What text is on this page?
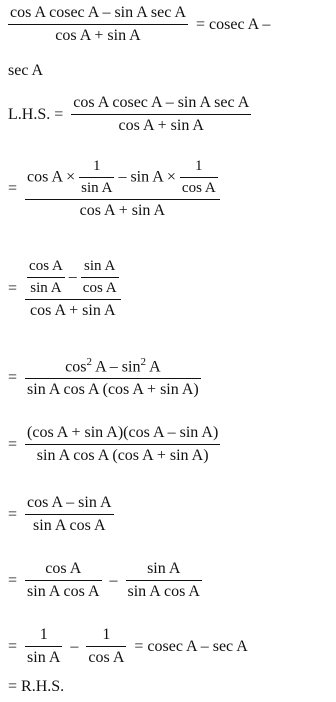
$\frac{\text{cos A cosec A – sin A sec A}}{\text{cos A + sin A}} = cosec$ A –
sec A
L.H.S. = $\frac{\text{cos A cosec A – sin A sec A}}{\text{cos A + sin A}}$
=
$\cos A \times \frac{1}{\text{sin A}} - \sin A \times \frac{1}{\text{cos A}}$
cos A + sin A
= $\frac{\text{cos A}}{\text{sin A}} - \frac{\text{sin A}}{\text{cos A}}$
cos A + sin A
= $\frac{\cos^2 A - \sin^2 A}{\text{sin A cos A (cos A + sin A)}}$
= $\frac{\text{(cos A + sin A)(cos A – sin A)}}{\text{sin A cos A (cos A + sin A)}}$
= $\frac{\text{cos A – sin A}}{\text{sin A cos A}}$
= $\frac{\text{cos A}}{\text{sin A cos A}} - \frac{\text{sin A}}{\text{sin A cos A}}$
= $\frac{1}{\text{sin A}} - \frac{1}{\text{cos A}} = cosec$ A – sec A
= R.H.S.
